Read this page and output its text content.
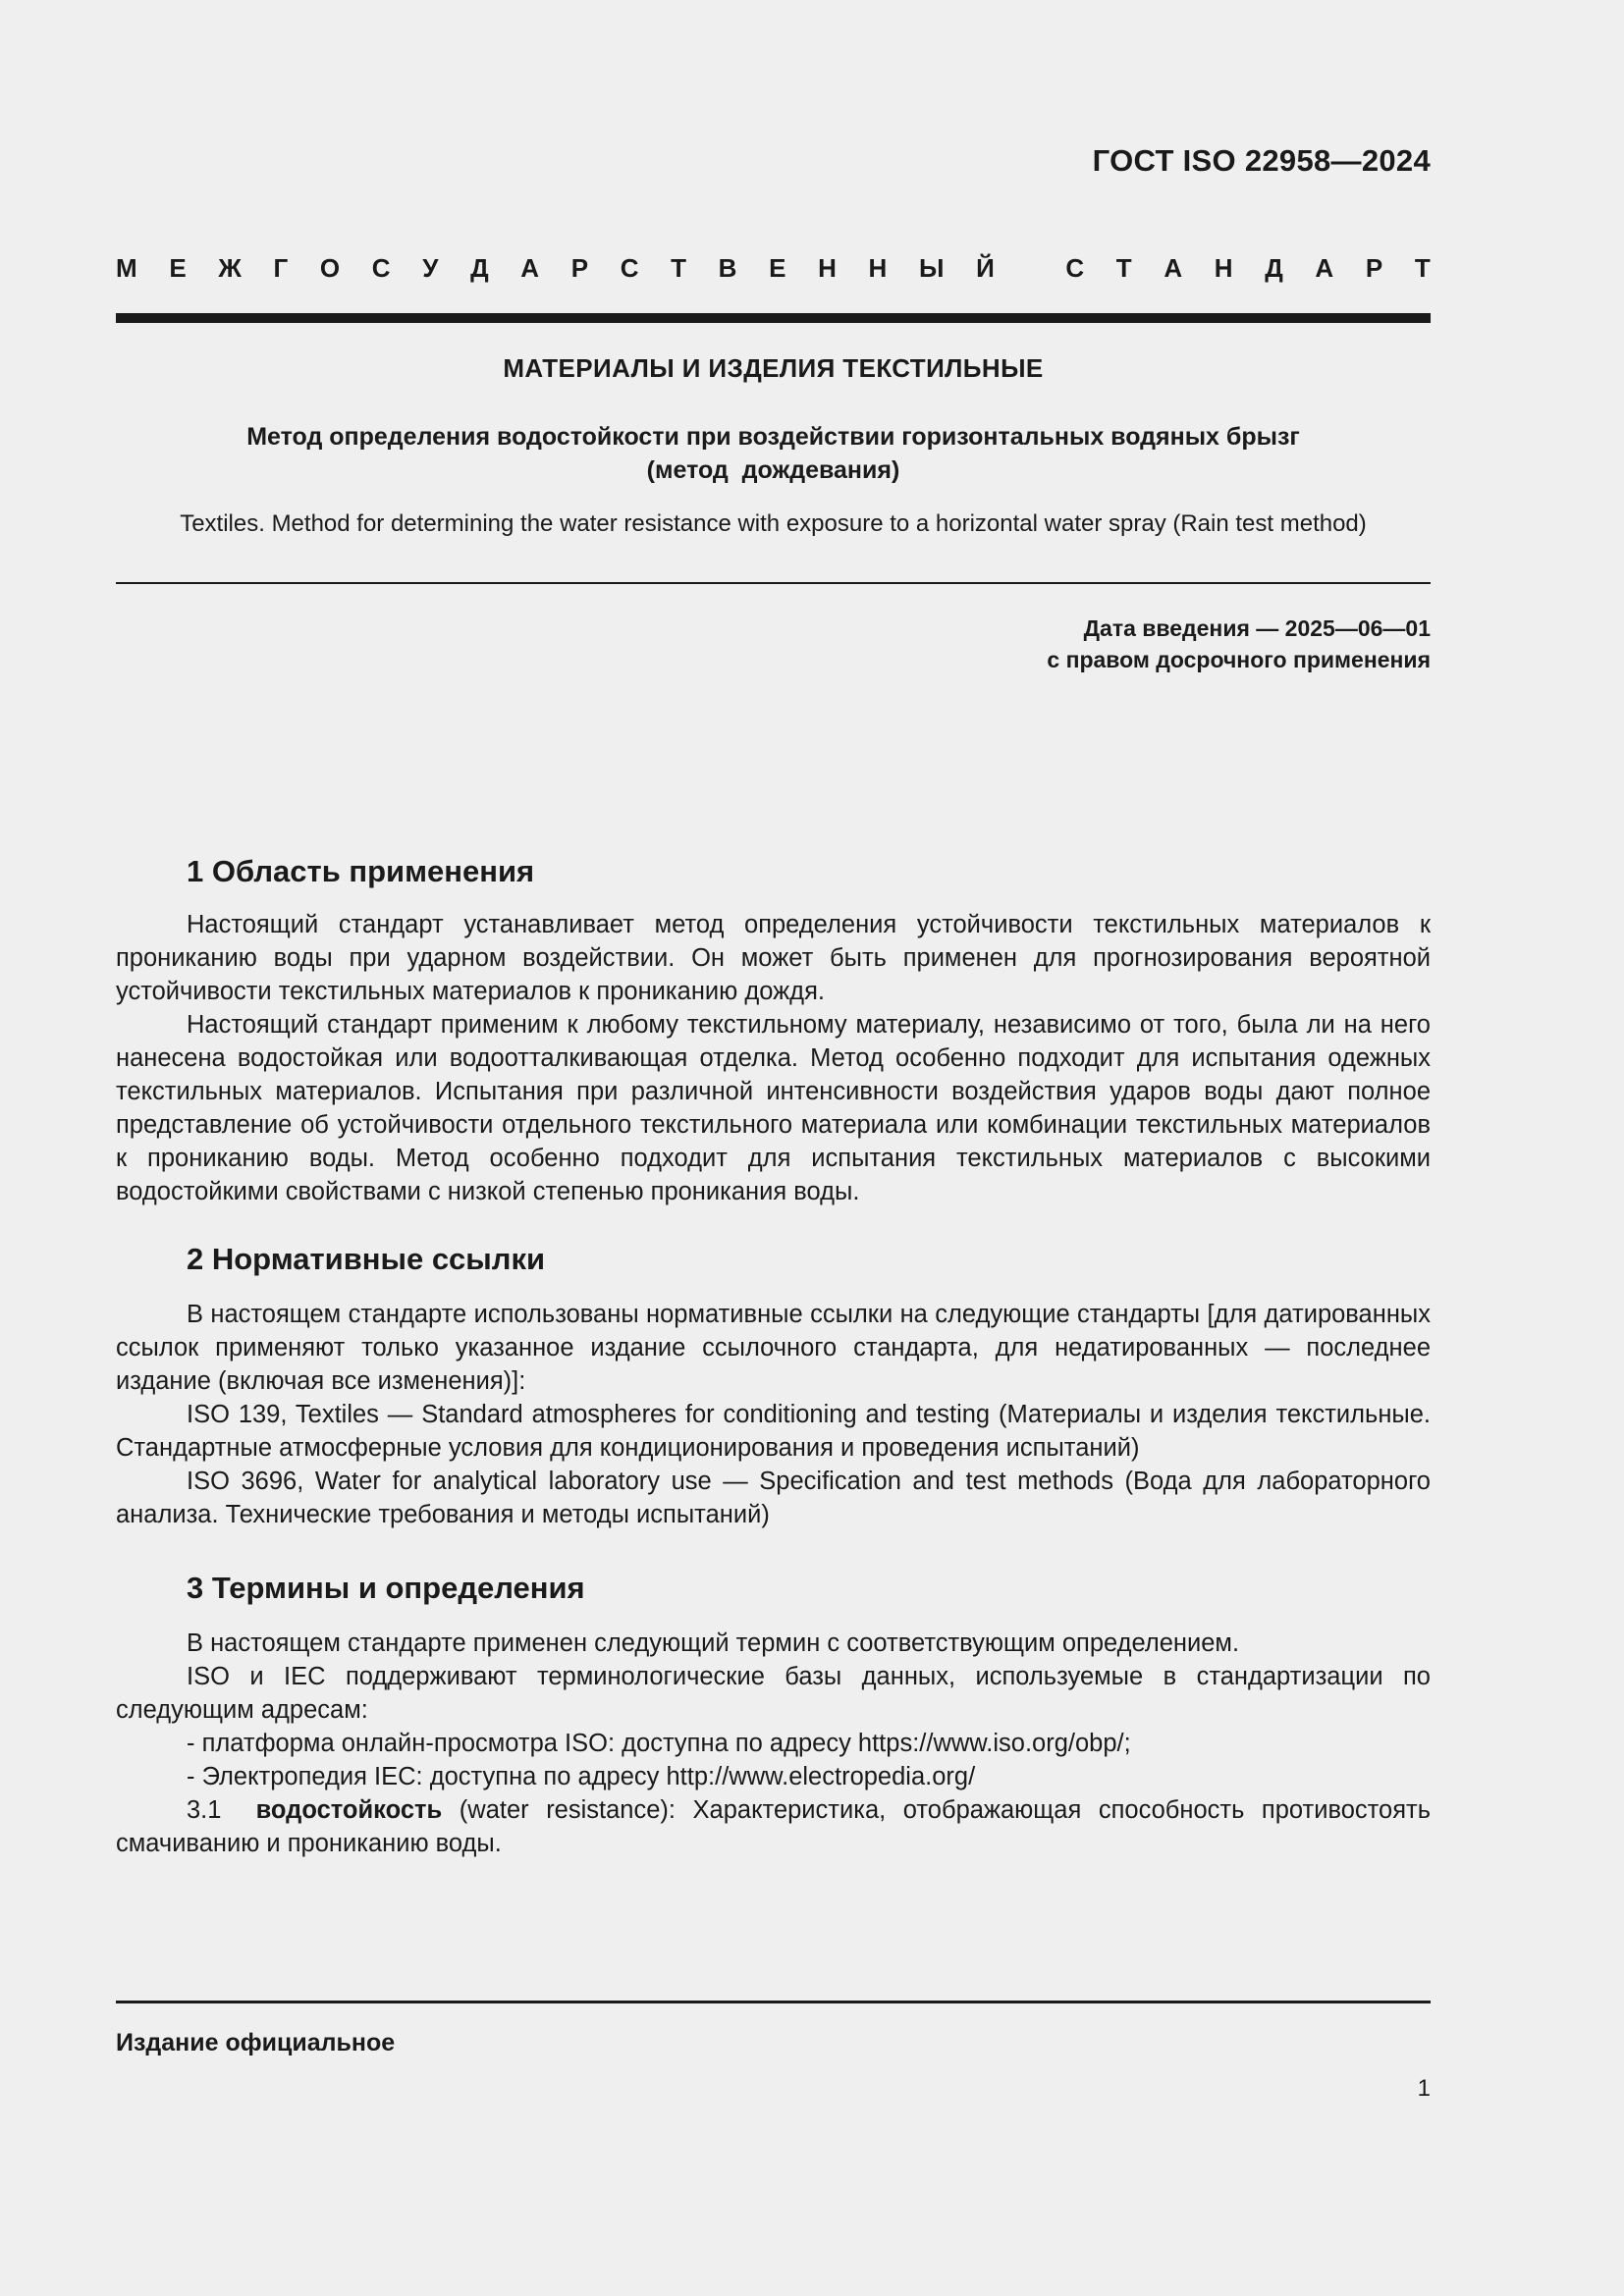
ГОСТ ISO 22958—2024
М Е Ж Г О С У Д А Р С Т В Е Н Н Ы Й
	С Т А Н Д А Р Т
МАТЕРИАЛЫ И ИЗДЕЛИЯ ТЕКСТИЛЬНЫЕ
Метод определения водостойкости при воздействии горизонтальных водяных брызг
(метод  дождевания)
Textiles. Method for determining the water resistance with exposure to a horizontal water spray (Rain test method)
Дата введения — 2025—06—01
с правом досрочного применения
1 Область применения

Настоящий стандарт устанавливает метод определения устойчивости текстильных материалов к прониканию воды при ударном воздействии. Он может быть применен для прогнозирования вероятной устойчивости текстильных материалов к прониканию дождя.

Настоящий стандарт применим к любому текстильному материалу, независимо от того, была ли на него нанесена водостойкая или водоотталкивающая отделка. Метод особенно подходит для испытания одежных текстильных материалов. Испытания при различной интенсивности воздействия ударов воды дают полное представление об устойчивости отдельного текстильного материала или комбинации текстильных материалов к прониканию воды. Метод особенно подходит для испытания текстильных материалов с высокими водостойкими свойствами с низкой степенью проникания воды.

2 Нормативные ссылки

В настоящем стандарте использованы нормативные ссылки на следующие стандарты [для датированных ссылок применяют только указанное издание ссылочного стандарта, для недатированных — последнее издание (включая все изменения)]:

ISO 139, Textiles — Standard atmospheres for conditioning and testing (Материалы и изделия текстильные. Стандартные атмосферные условия для кондиционирования и проведения испытаний)

ISO 3696, Water for analytical laboratory use — Specification and test methods (Вода для лабораторного анализа. Технические требования и методы испытаний)

3 Термины и определения

В настоящем стандарте применен следующий термин с соответствующим определением.

ISO и IEC поддерживают терминологические базы данных, используемые в стандартизации по следующим адресам:

- платформа онлайн-просмотра ISO: доступна по адресу https://www.iso.org/obp/;

- Электропедия IEC: доступна по адресу http://www.electropedia.org/

3.1 водостойкость (water resistance): Характеристика, отображающая способность противостоять смачиванию и прониканию воды.

Издание официальное
1
